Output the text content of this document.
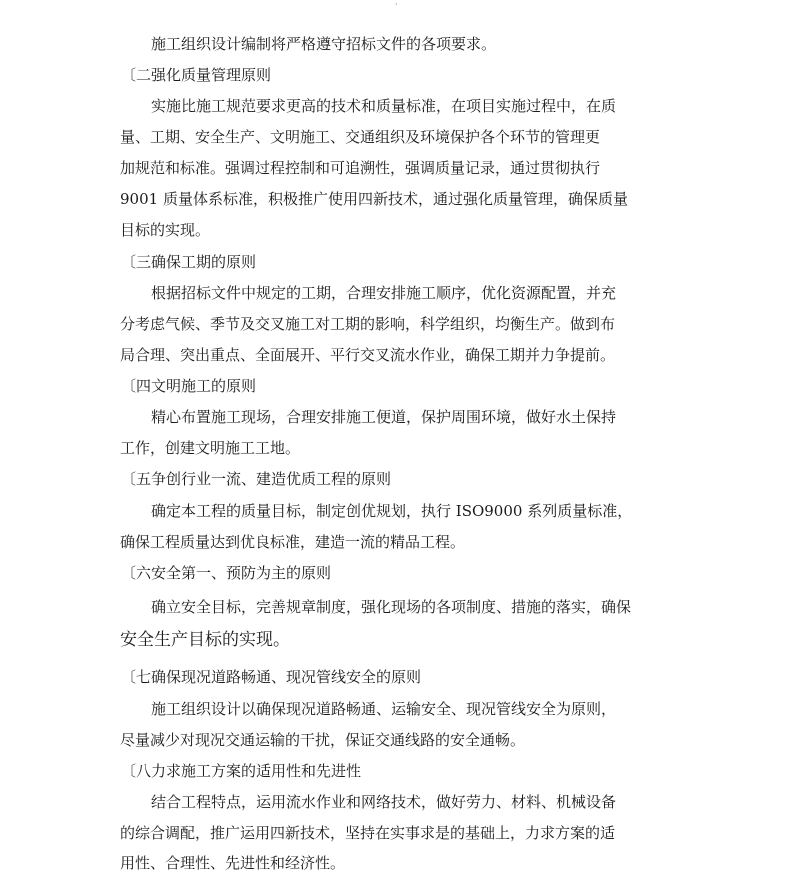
·
施工组织设计编制将严格遵守招标文件的各项要求。
〔二强化质量管理原则
实施比施工规范要求更高的技术和质量标准，在项目实施过程中，在质
量、工期、安全生产、文明施工、交通组织及环境保护各个环节的管理更
加规范和标准。强调过程控制和可追溯性，强调质量记录，通过贯彻执行
9001 质量体系标准，积极推广使用四新技术，通过强化质量管理，确保质量
目标的实现。
〔三确保工期的原则
根据招标文件中规定的工期，合理安排施工顺序，优化资源配置，并充
分考虑气候、季节及交叉施工对工期的影响，科学组织，均衡生产。做到布
局合理、突出重点、全面展开、平行交叉流水作业，确保工期并力争提前。
〔四文明施工的原则
精心布置施工现场，合理安排施工便道，保护周围环境，做好水土保持
工作，创建文明施工工地。
〔五争创行业一流、建造优质工程的原则
确定本工程的质量目标，制定创优规划，执行 ISO9000 系列质量标准，
确保工程质量达到优良标准，建造一流的精品工程。
〔六安全第一、预防为主的原则
确立安全目标，完善规章制度，强化现场的各项制度、措施的落实，确保
安全生产目标的实现。
〔七确保现况道路畅通、现况管线安全的原则
施工组织设计以确保现况道路畅通、运输安全、现况管线安全为原则，
尽量减少对现况交通运输的干扰，保证交通线路的安全通畅。
〔八力求施工方案的适用性和先进性
结合工程特点，运用流水作业和网络技术，做好劳力、材料、机械设备
的综合调配，推广运用四新技术，坚持在实事求是的基础上，力求方案的适
用性、合理性、先进性和经济性。
